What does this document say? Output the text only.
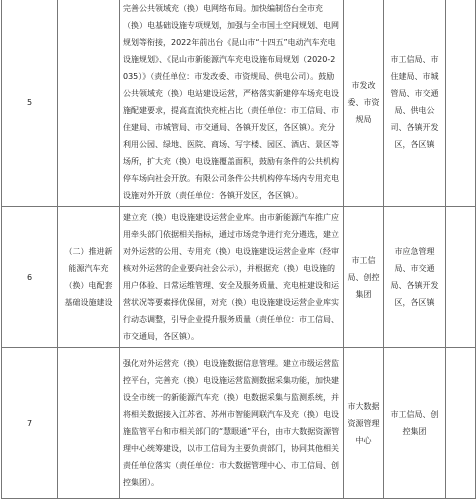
5		完善公共领域充（换）电网络布局。加快编制岱台全市充（换）电基础设施专项规划，加强与全市国土空间规划、电网规划等衔接，2022年前出台《昆山市“十四五”电动汽车充电设施规划》、《昆山市新能源汽车充电设施布局规划（2020-2035）》（责任单位：市发改委、市资规局、供电公司）。鼓励公共领域充（换）电站建设运营，严格落实新建停车场充电设施配建要求，提高直流快充桩占比（责任单位：市工信局、市住建局、市城管局、市交通局、各镇开发区，各区镇）。充分利用公园、绿地、医院、商场、写字楼、园区、酒店、景区等场所，扩大充（换）电设施覆盖面积，鼓励有条件的公共机构停车场向社会开放。有限公司条件公共机构停车场内专用充电设施对外开放（责任单位：各镇开发区，各区镇）。	市发改委、市资规局	市工信局、市住建局、市城管局、市交通局、供电公司、各镇开发区，各区镇	
6	（二）推进新能源汽车充（换）电配套基础设施建设	建立充（换）电设施建设运营企业库。由市新能源汽车推广应用牵头部门依据相关指标，通过市场竞争进行充分遴选，建立对外运营的公用、专用充（换）电设施建设运营企业库（经审核对外运营的企业要向社会公示），并根据充（换）电设施的用户体验、日常运维管理、安全及服务质量、充电桩建设和运营状况等要素择优保留，对充（换）电设施建设运营企业库实行动态调整，引导企业提升服务质量（责任单位：市工信局、市交通局，各区镇）。	市工信局、创控集团	市应急管理局、市交通局、各镇开发区，各区镇	
7		强化对外运营充（换）电设施数据信息管理。建立市级运营监控平台，完善充（换）电设施运营监测数据采集功能，加快建设全市统一的新能源汽车充（换）电数据采集与监测系统，并将相关数据接入江苏省、苏州市智能网联汽车及充（换）电设施监管平台和市相关部门的“慧眼通”平台，由市大数据资源管理中心统筹建设，以市工信局为主要负责部门，协同其他相关责任单位落实（责任单位：市大数据管理中心、市工信局、创控集团）。	市大数据资源管理中心	市工信局、创控集团	
